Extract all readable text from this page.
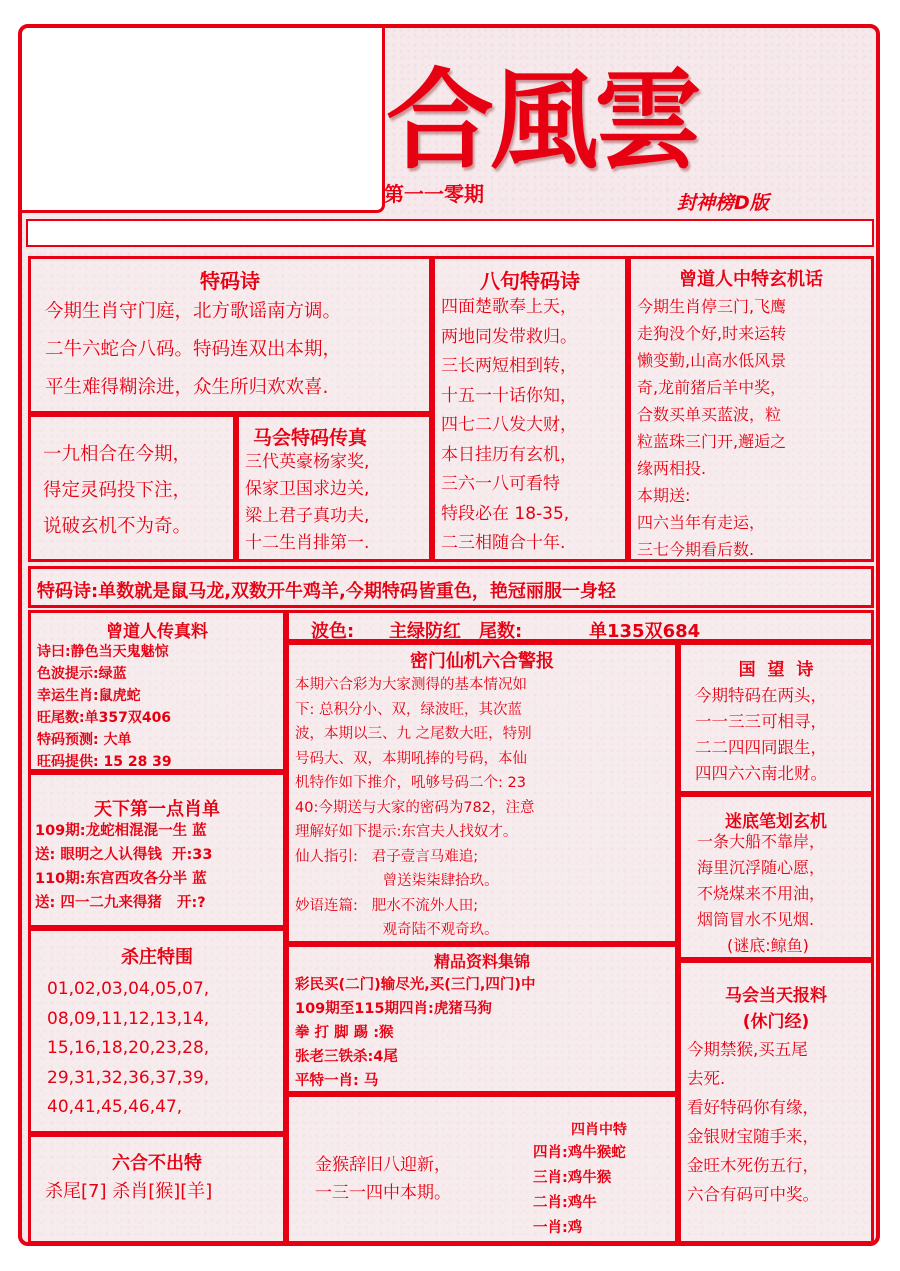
合風雲
第一一零期	封神榜D版
特码诗
今期生肖守门庭，北方歌谣南方调。
二牛六蛇合八码。特码连双出本期，
平生难得糊涂进，众生所归欢欢喜.
八句特码诗
四面楚歌奉上天，
两地同发带救归。
三长两短相到转，
十五一十话你知，
四七二八发大财，
本日挂历有玄机，
三六一八可看特
特段必在 18-35,
二三相随合十年.
曾道人中特玄机话
今期生肖停三门,飞鹰
走狗没个好,时来运转
懒变勤,山高水低风景
奇,龙前猪后羊中奖，
合数买单买蓝波，粒
粒蓝珠三门开,邂逅之
缘两相投.
本期送:
四六当年有走运，
三七今期看后数.
一九相合在今期，
得定灵码投下注，
说破玄机不为奇。
马会特码传真
三代英豪杨家奖,
保家卫国求边关,
梁上君子真功夫,
十二生肖排第一.
特码诗:单数就是鼠马龙,双数开牛鸡羊,今期特码皆重色，艳冠丽服一身轻
曾道人传真料
诗曰:静色当天鬼魅惊
色波提示:绿蓝
幸运生肖:鼠虎蛇
旺尾数:单357双406
特码预测: 大单
旺码提供: 15 28 39
波色: 主绿防红 尾数:	单135双684
密门仙机六合警报
本期六合彩为大家测得的基本情况如
下: 总积分小、双，绿波旺，其次蓝
波，本期以三、九 之尾数大旺，特别
号码大、双，本期吼捧的号码，本仙
机特作如下推介，吼够号码二个: 23
40:今期送与大家的密码为782，注意
理解好如下提示:东宫夫人找奴才。
仙人指引:   君子壹言马难追;
曾送柒柒肆拾玖。
妙语连篇:   肥水不流外人田;
观奇陆不观奇玖。
国  望  诗
今期特码在两头，
一一三三可相寻，
二二四四同跟生，
四四六六南北财。
天下第一点肖单
109期:龙蛇相混混一生 蓝
送: 眼明之人认得钱  开:33
110期:东宫西攻各分半 蓝
送: 四一二九来得猪   开:?
迷底笔划玄机
一条大船不靠岸，
海里沉浮随心愿，
不烧煤来不用油，
烟筒冒水不见烟.
(谜底:鲸鱼)
杀庄特围
01,02,03,04,05,07,
08,09,11,12,13,14,
15,16,18,20,23,28,
29,31,32,36,37,39,
40,41,45,46,47,
精品资料集锦
彩民买(二门)输尽光,买(三门,四门)中
109期至115期四肖:虎猪马狗
拳 打 脚 踢 :猴
张老三铁杀:4尾
平特一肖: 马
马会当天报料
(休门经)
今期禁猴,买五尾
去死.
看好特码你有缘，
金银财宝随手来，
金旺木死伤五行，
六合有码可中奖。
六合不出特
杀尾[7] 杀肖[猴][羊]
金猴辞旧八迎新，
一三一四中本期。
四肖中特
四肖:鸡牛猴蛇
三肖:鸡牛猴
二肖:鸡牛
一肖:鸡
